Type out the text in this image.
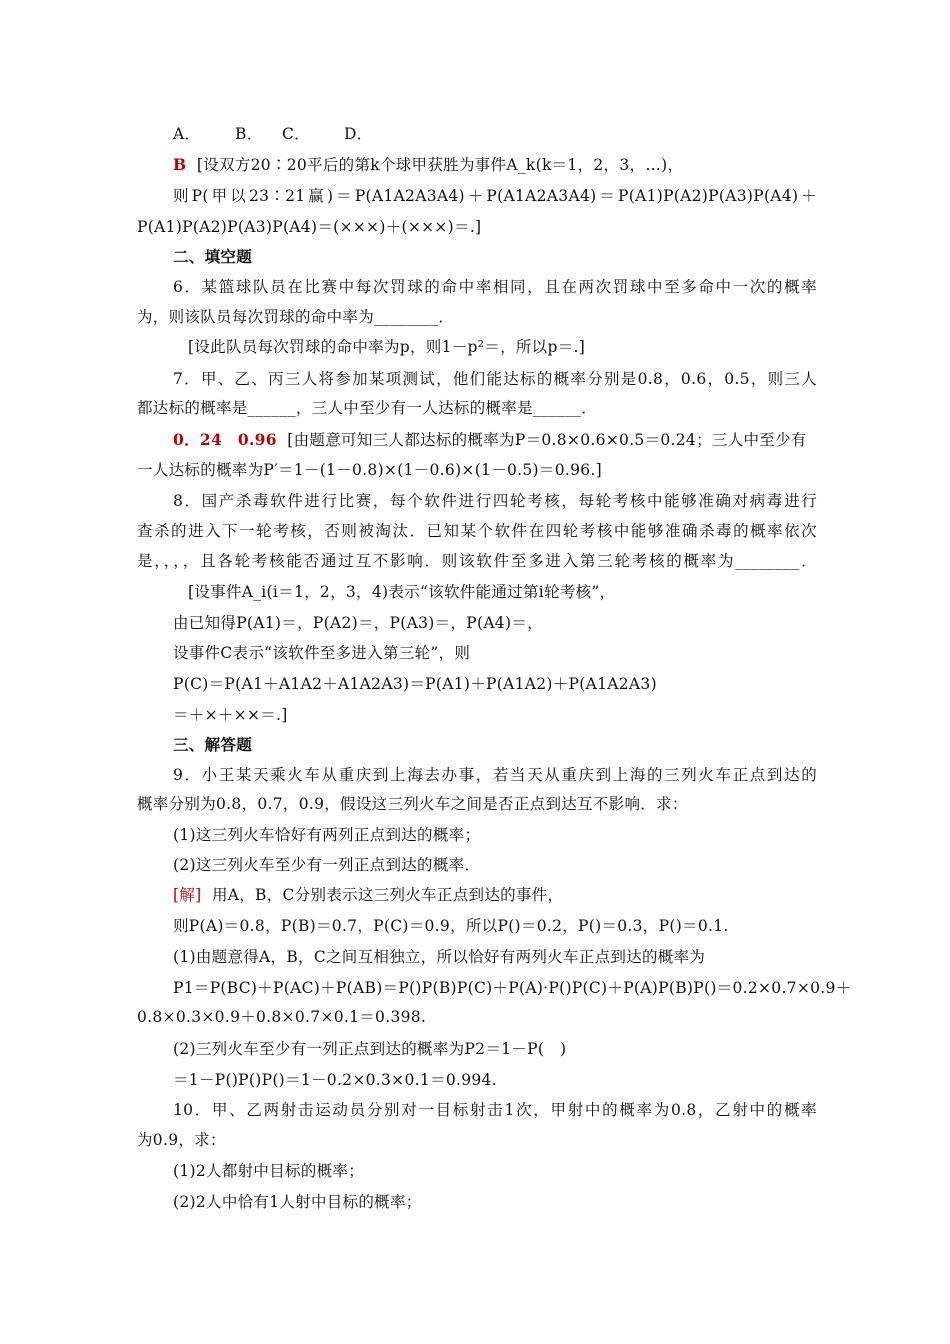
A． B． C． D．
B [设双方20∶20平后的第k个球甲获胜为事件A_k(k＝1，2，3，…)，
则P(甲以23∶21赢)＝P(A1A2A3A4)＋P(A1A2A3A4)＝P(A1)P(A2)P(A3)P(A4)＋
P(A1)P(A2)P(A3)P(A4)＝(×××)＋(×××)＝.]
二、填空题
6．某篮球队员在比赛中每次罚球的命中率相同，且在两次罚球中至多命中一次的概率
为，则该队员每次罚球的命中率为________．
[设此队员每次罚球的命中率为p，则1－p²＝，所以p＝.]
7．甲、乙、丙三人将参加某项测试，他们能达标的概率分别是0.8，0.6，0.5，则三人
都达标的概率是______，三人中至少有一人达标的概率是______．
0．24　0.96 [由题意可知三人都达标的概率为P＝0.8×0.6×0.5＝0.24；三人中至少有
一人达标的概率为P′＝1－(1－0.8)×(1－0.6)×(1－0.5)＝0.96.]
8．国产杀毒软件进行比赛，每个软件进行四轮考核，每轮考核中能够准确对病毒进行
查杀的进入下一轮考核，否则被淘汰．已知某个软件在四轮考核中能够准确杀毒的概率依次
是，，，，且各轮考核能否通过互不影响．则该软件至多进入第三轮考核的概率为________．
[设事件A_i(i＝1，2，3，4)表示“该软件能通过第i轮考核”，
由已知得P(A1)＝，P(A2)＝，P(A3)＝，P(A4)＝，
设事件C表示“该软件至多进入第三轮”，则
P(C)＝P(A1＋A1A2＋A1A2A3)＝P(A1)＋P(A1A2)＋P(A1A2A3)
＝＋×＋××＝.]
三、解答题
9．小王某天乘火车从重庆到上海去办事，若当天从重庆到上海的三列火车正点到达的
概率分别为0.8，0.7，0.9，假设这三列火车之间是否正点到达互不影响．求：
(1)这三列火车恰好有两列正点到达的概率；
(2)这三列火车至少有一列正点到达的概率．
[解] 用A，B，C分别表示这三列火车正点到达的事件，
则P(A)＝0.8，P(B)＝0.7，P(C)＝0.9，所以P()＝0.2，P()＝0.3，P()＝0.1.
(1)由题意得A，B，C之间互相独立，所以恰好有两列火车正点到达的概率为
P1＝P(BC)＋P(AC)＋P(AB)＝P()P(B)P(C)＋P(A)·P()P(C)＋P(A)P(B)P()＝0.2×0.7×0.9＋
0.8×0.3×0.9＋0.8×0.7×0.1＝0.398.
(2)三列火车至少有一列正点到达的概率为P2＝1－P(　)
＝1－P()P()P()＝1－0.2×0.3×0.1＝0.994.
10．甲、乙两射击运动员分别对一目标射击1次，甲射中的概率为0.8，乙射中的概率
为0.9，求：
(1)2人都射中目标的概率；
(2)2人中恰有1人射中目标的概率；
